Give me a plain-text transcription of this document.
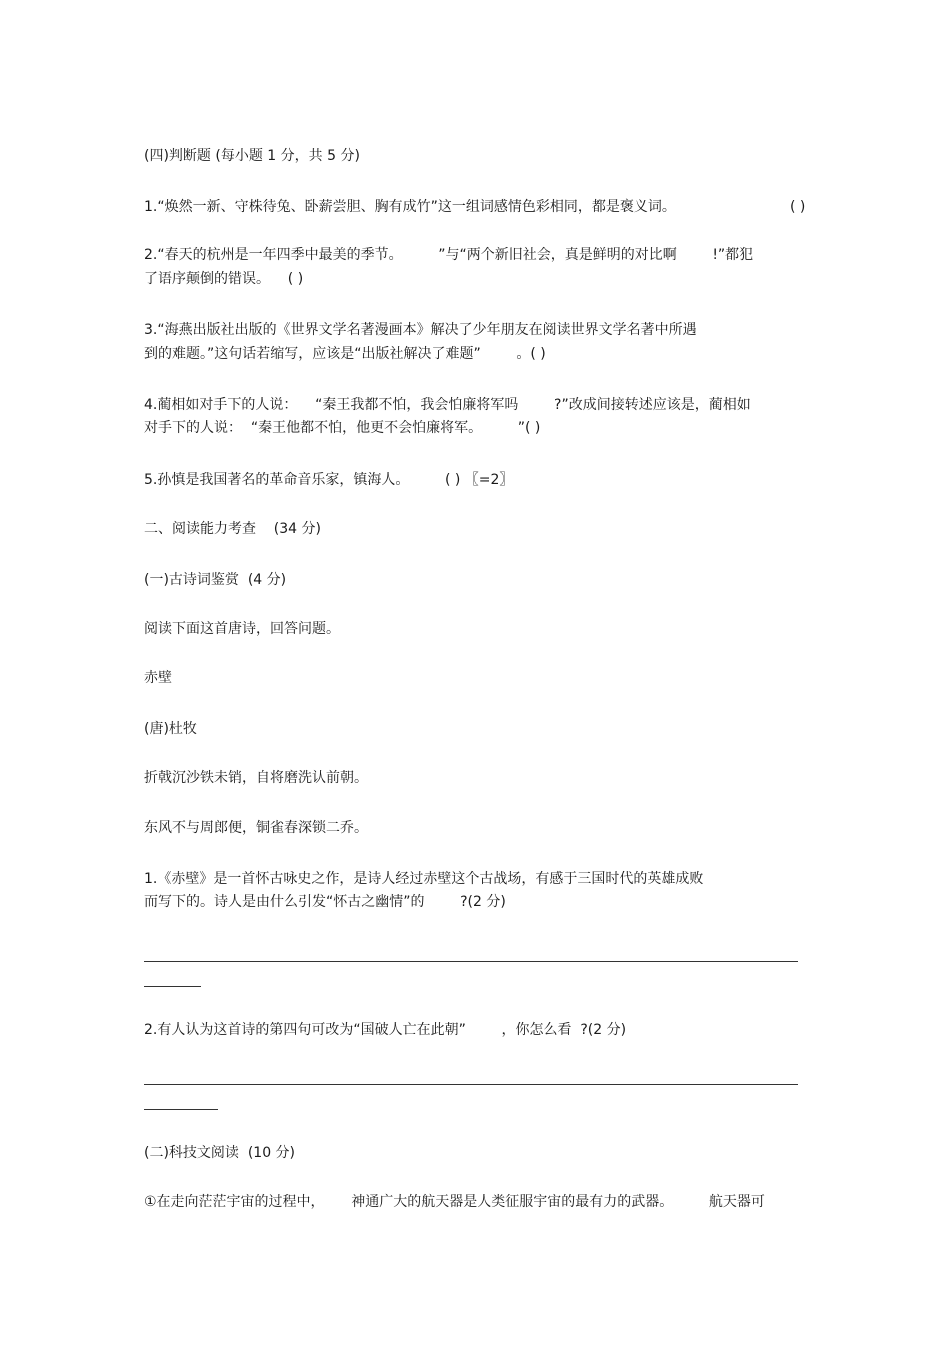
(四)判断题 (每小题 1 分，共 5 分)
1.“焕然一新、守株待兔、卧薪尝胆、胸有成竹”这一组词感情色彩相同，都是褒义词。	( )
2.“春天的杭州是一年四季中最美的季节。        ”与“两个新旧社会，真是鲜明的对比啊        !”都犯
了语序颠倒的错误。    ( )
3.“海燕出版社出版的《世界文学名著漫画本》解决了少年朋友在阅读世界文学名著中所遇
到的难题。”这句话若缩写，应该是“出版社解决了难题”        。( )
4.蔺相如对手下的人说：    “秦王我都不怕，我会怕廉将军吗        ?”改成间接转述应该是，蔺相如
对手下的人说：  “秦王他都不怕，他更不会怕廉将军。        ”( )
5.孙慎是我国著名的革命音乐家，镇海人。        ( ) 〖=2〗
二、阅读能力考查    (34 分)
(一)古诗词鉴赏  (4 分)
阅读下面这首唐诗，回答问题。
赤壁
(唐)杜牧
折戟沉沙铁未销，自将磨洗认前朝。
东风不与周郎便，铜雀春深锁二乔。
1.《赤壁》是一首怀古咏史之作，是诗人经过赤壁这个古战场，有感于三国时代的英雄成败
而写下的。诗人是由什么引发“怀古之幽情”的        ?(2 分)
2.有人认为这首诗的第四句可改为“国破人亡在此朝”        ，你怎么看  ?(2 分)
(二)科技文阅读  (10 分)
①在走向茫茫宇宙的过程中，      神通广大的航天器是人类征服宇宙的最有力的武器。        航天器可
